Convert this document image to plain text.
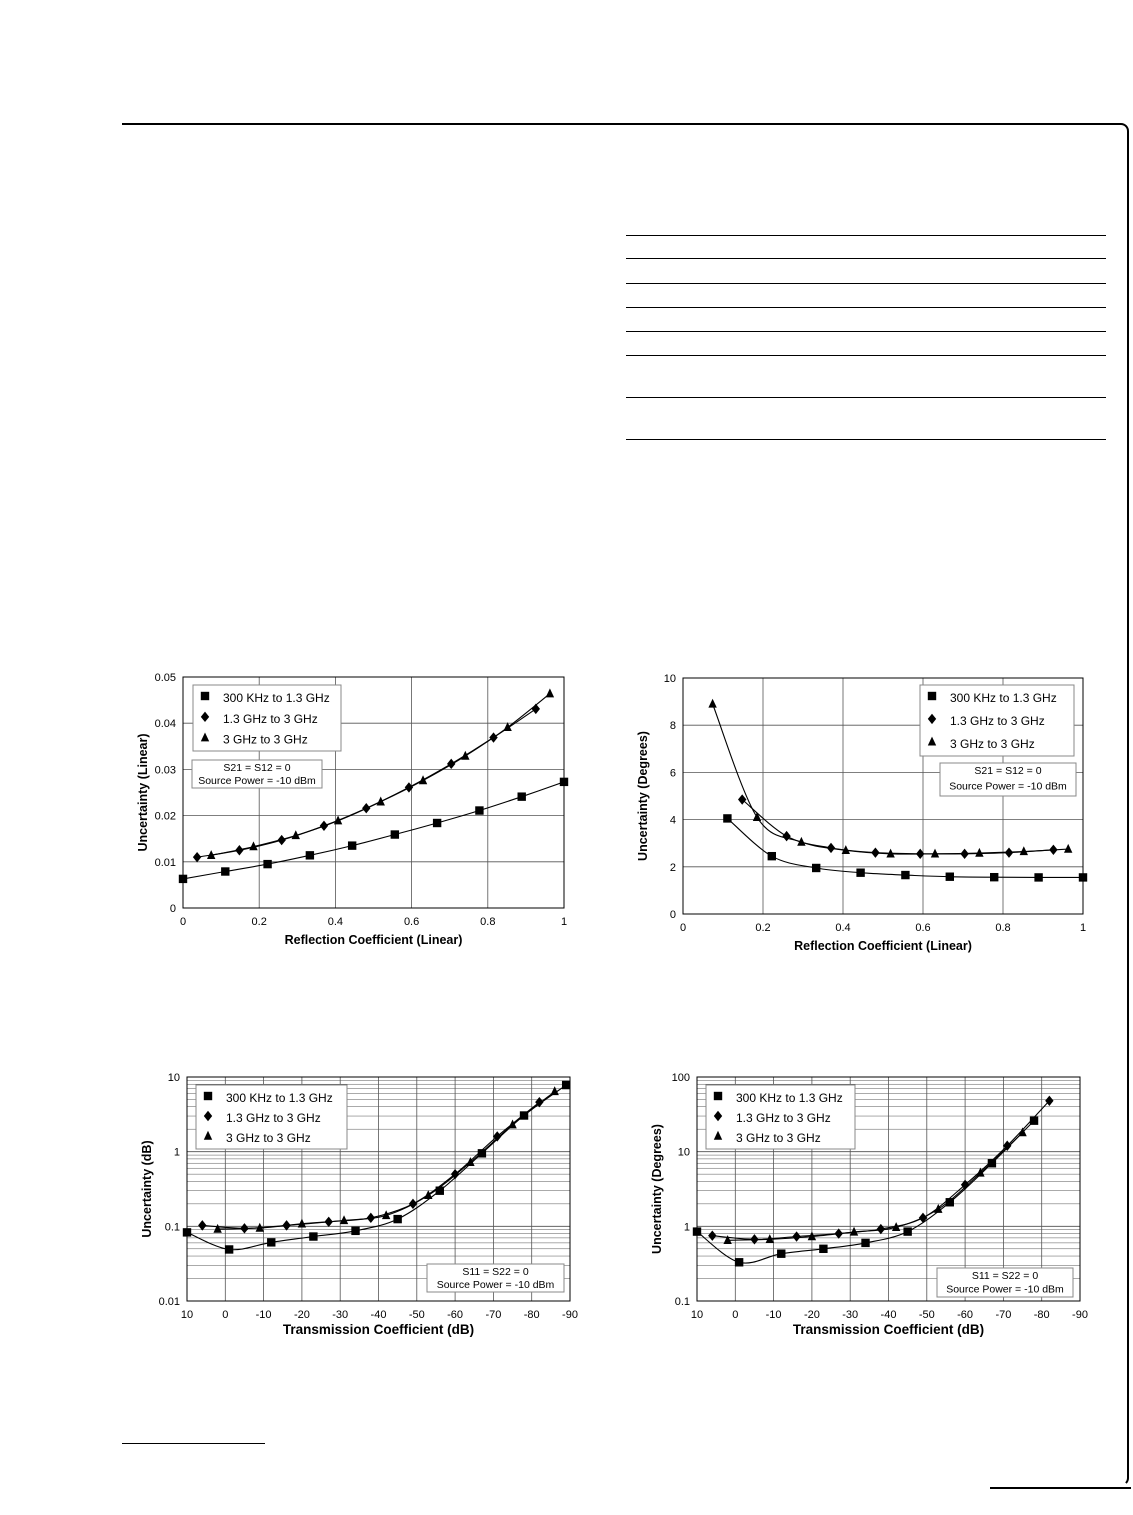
0	0.2	0.4	0.6	0.8	1
0
0.01
0.02
0.03
0.04
0.05
Reflection Coefficient (Linear)
Uncertainty (Linear)
300 KHz to 1.3 GHz
1.3 GHz to 3 GHz
3 GHz to 3 GHz
S21 = S12 = 0
Source Power = -10 dBm
0	0.2	0.4	0.6	0.8	1
0
2
4
6
8
10
Reflection Coefficient (Linear)
Uncertainty (Degrees)
300 KHz to 1.3 GHz
1.3 GHz to 3 GHz
3 GHz to 3 GHz
S21 = S12 = 0
Source Power = -10 dBm
10	0 -10 -20 -30 -40 -50 -60 -70 -80 -90
0.01
0.1
1
10
Transmission Coefficient (dB)
Uncertainty (dB)
300 KHz to 1.3 GHz
1.3 GHz to 3 GHz
3 GHz to 3 GHz
S11 = S22 = 0
Source Power = -10 dBm
10	0 -10 -20 -30 -40 -50 -60 -70 -80 -90
0.1
1
10
100
Transmission Coefficient (dB)
Uncertainty (Degrees)
300 KHz to 1.3 GHz
1.3 GHz to 3 GHz
3 GHz to 3 GHz
S11 = S22 = 0
Source Power = -10 dBm
